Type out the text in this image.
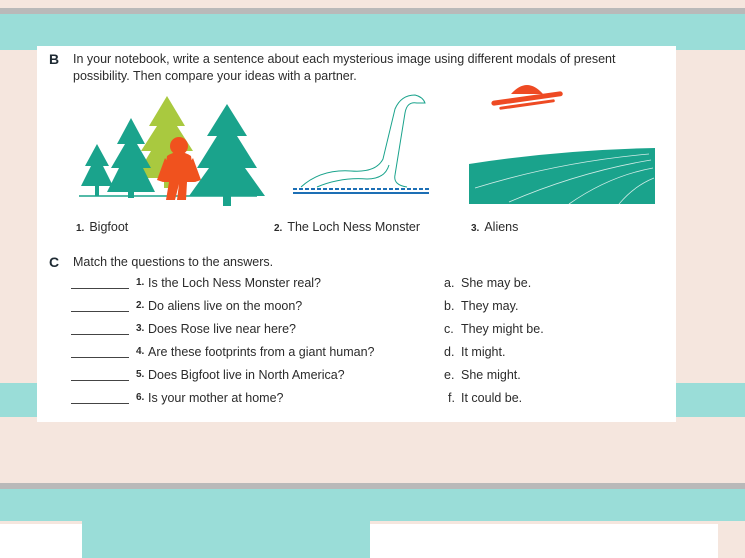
B In your notebook, write a sentence about each mysterious image using different modals of present
possibility. Then compare your ideas with a partner.
1. Bigfoot	2. The Loch Ness Monster	3. Aliens
C Match the questions to the answers.
1. Is the Loch Ness Monster real?	a. She may be.
2. Do aliens live on the moon?	b. They may.
3. Does Rose live near here?	c. They might be.
4. Are these footprints from a giant human?	d. It might.
5. Does Bigfoot live in North America?	e. She might.
6. Is your mother at home?	f. It could be.
